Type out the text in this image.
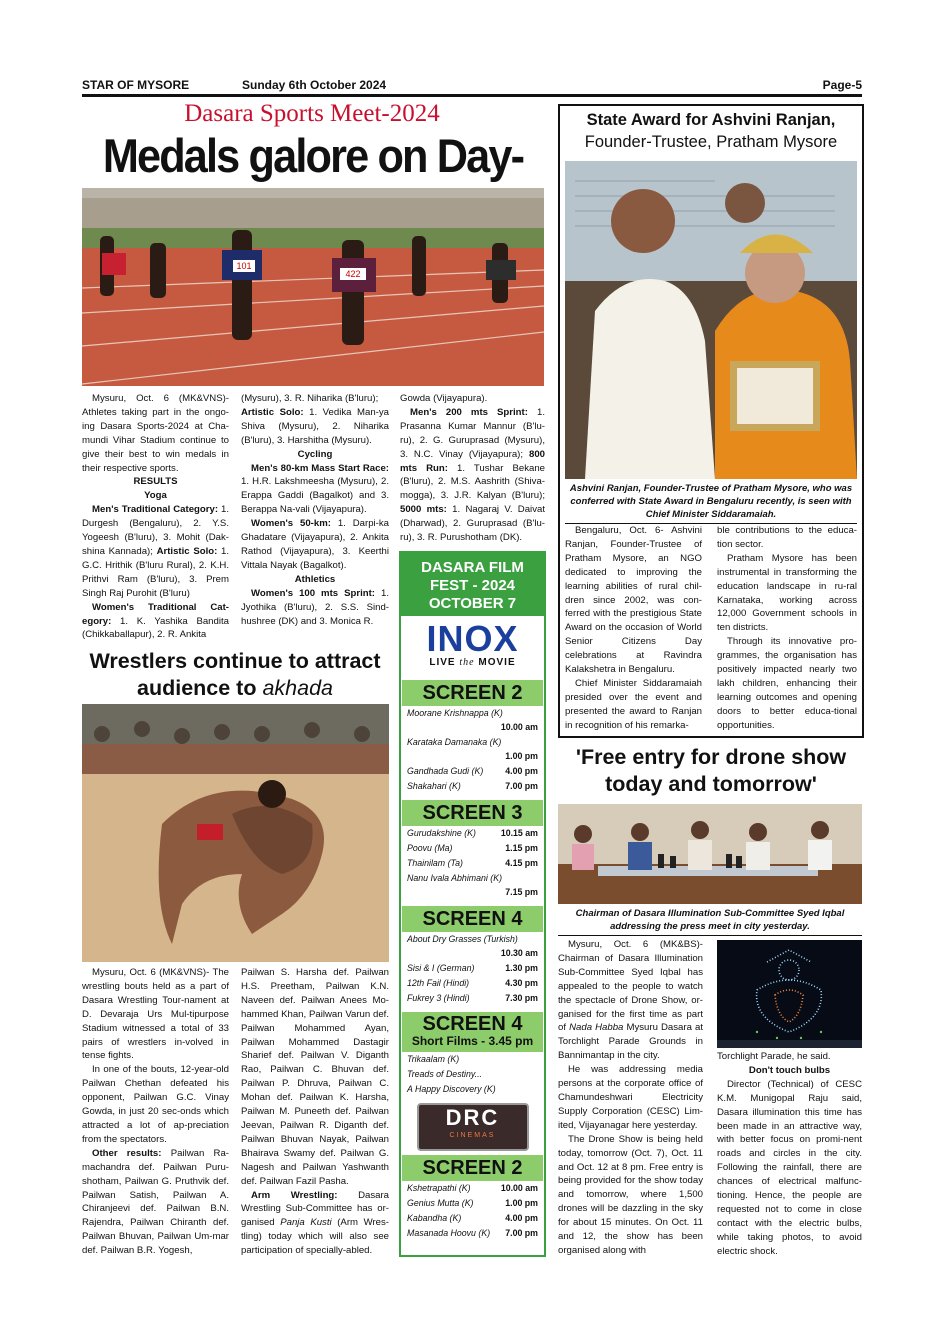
STAR OF MYSORE	Sunday 6th October 2024	Page-5
Dasara Sports Meet-2024
Medals galore on Day-
101
422

Mysuru, Oct. 6 (MK&VNS)- Athletes taking part in the ongo-ing Dasara Sports-2024 at Cha-mundi Vihar Stadium continue to give their best to win medals in their respective sports.

RESULTS

Yoga

Men's Traditional Category: 1. Durgesh (Bengaluru), 2. Y.S. Yogeesh (B'luru), 3. Mohit (Dak-shina Kannada); Artistic Solo: 1. G.C. Hrithik (B'luru Rural), 2. K.H. Prithvi Ram (B'luru), 3. Prem Singh Raj Purohit (B'luru)

Women's Traditional Cat-egory: 1. K. Yashika Bandita (Chikkaballapur), 2. R. Ankita

(Mysuru), 3. R. Niharika (B'luru);

Artistic Solo: 1. Vedika Man-ya Shiva (Mysuru), 2. Niharika (B'luru), 3. Harshitha (Mysuru).

Cycling

Men's 80-km Mass Start Race: 1. H.R. Lakshmeesha (Mysuru), 2. Erappa Gaddi (Bagalkot) and 3. Berappa Na-vali (Vijayapura).

Women's 50-km: 1. Darpi-ka Ghadatare (Vijayapura), 2. Ankita Rathod (Vijayapura), 3. Keerthi Vittala Nayak (Bagalkot).

Athletics

Women's 100 mts Sprint: 1. Jyothika (B'luru), 2. S.S. Sind-hushree (DK) and 3. Monica R.

Gowda (Vijayapura).

Men's 200 mts Sprint: 1. Prasanna Kumar Mannur (B'lu-ru), 2. G. Guruprasad (Mysuru), 3. N.C. Vinay (Vijayapura); 800 mts Run: 1. Tushar Bekane (B'luru), 2. M.S. Aashrith (Shiva-mogga), 3. J.R. Kalyan (B'luru); 5000 mts: 1. Nagaraj V. Daivat (Dharwad), 2. Guruprasad (B'lu-ru), 3. R. Purushotham (DK).

Wrestlers continue to attract
audience to akhada

Mysuru, Oct. 6 (MK&VNS)- The wrestling bouts held as a part of Dasara Wrestling Tour-nament at D. Devaraja Urs Mul-tipurpose Stadium witnessed a total of 33 pairs of wrestlers in-volved in tense fights.

In one of the bouts, 12-year-old Pailwan Chethan defeated his opponent, Pailwan G.C. Vinay Gowda, in just 20 sec-onds which attracted a lot of ap-preciation from the spectators.

Other results: Pailwan Ra-machandra def. Pailwan Puru-shotham, Pailwan G. Pruthvik def. Pailwan Satish, Pailwan A. Chiranjeevi def. Pailwan B.N. Rajendra, Pailwan Chiranth def. Pailwan Bhuvan, Pailwan Um-mar def. Pailwan B.R. Yogesh,

Pailwan S. Harsha def. Pailwan H.S. Preetham, Pailwan K.N. Naveen def. Pailwan Anees Mo-hammed Khan, Pailwan Varun def. Pailwan Mohammed Ayan, Pailwan Mohammed Dastagir Sharief def. Pailwan V. Diganth Rao, Pailwan C. Bhuvan def. Pailwan P. Dhruva, Pailwan C. Mohan def. Pailwan K. Harsha, Pailwan M. Puneeth def. Pailwan Jeevan, Pailwan R. Diganth def. Pailwan Bhuvan Nayak, Pailwan Bhairava Swamy def. Pailwan G. Nagesh and Pailwan Yashwanth def. Pailwan Fazil Pasha.

Arm Wrestling: Dasara Wrestling Sub-Committee has or-ganised Panja Kusti (Arm Wres-tling) today which will also see participation of specially-abled.

DASARA FILM
FEST - 2024
OCTOBER 7
INOX
LIVE the MOVIE
SCREEN 2
Moorane Krishnappa (K)
10.00 am
Karataka Damanaka (K)
1.00 pm
Gandhada Gudi (K) 4.00 pm
Shakahari (K)	7.00 pm
SCREEN 3
Gurudakshine (K)	10.15 am
Poovu (Ma)	1.15 pm
Thainilam (Ta)	4.15 pm
Nanu Ivala Abhimani (K)
7.15 pm
SCREEN 4
About Dry Grasses (Turkish)
10.30 am
Sisi & I (German)	1.30 pm
12th Fail (Hindi)	4.30 pm
Fukrey 3 (Hindi)	7.30 pm
SCREEN 4
Short Films - 3.45 pm
Trikaalam (K)
Treads of Destiny...
A Happy Discovery (K)
DRC
CINEMAS
SCREEN 2
Kshetrapathi (K)	10.00 am
Genius Mutta (K)	1.00 pm
Kabandha (K)	4.00 pm
Masanada Hoovu (K) 7.00 pm
State Award for Ashvini Ranjan,
Founder-Trustee, Pratham Mysore
Ashvini Ranjan, Founder-Trustee of Pratham Mysore, who was conferred with State Award in Bengaluru recently, is seen with Chief Minister Siddaramaiah.

Bengaluru, Oct. 6- Ashvini Ranjan, Founder-Trustee of Pratham Mysore, an NGO dedicated to improving the learning abilities of rural chil-dren since 2002, was con-ferred with the prestigious State Award on the occasion of World Senior Citizens Day celebrations at Ravindra Kalakshetra in Bengaluru.

Chief Minister Siddaramaiah presided over the event and presented the award to Ranjan in recognition of his remarka-

ble contributions to the educa-tion sector.

Pratham Mysore has been instrumental in transforming the education landscape in ru-ral Karnataka, working across 12,000 Government schools in ten districts.

Through its innovative pro-grammes, the organisation has positively impacted nearly two lakh children, enhancing their learning outcomes and opening doors to better educa-tional opportunities.

'Free entry for drone show
today and tomorrow'
Chairman of Dasara Illumination Sub-Committee Syed Iqbal
addressing the press meet in city yesterday.

Mysuru, Oct. 6 (MK&BS)- Chairman of Dasara Illumination Sub-Committee Syed Iqbal has appealed to the people to watch the spectacle of Drone Show, or-ganised for the first time as part of Nada Habba Mysuru Dasara at Torchlight Parade Grounds in Bannimantap in the city.

He was addressing media persons at the corporate office of Chamundeshwari Electricity Supply Corporation (CESC) Lim-ited, Vijayanagar here yesterday.

The Drone Show is being held today, tomorrow (Oct. 7), Oct. 11 and Oct. 12 at 8 pm. Free entry is being provided for the show today and tomorrow, where 1,500 drones will be dazzling in the sky for about 15 minutes. On Oct. 11 and 12, the show has been organised along with

Torchlight Parade, he said.

Don't touch bulbs

Director (Technical) of CESC K.M. Munigopal Raju said, Dasara illumination this time has been made in an attractive way, with better focus on promi-nent roads and circles in the city. Following the rainfall, there are chances of electrical malfunc-tioning. Hence, the people are requested not to come in close contact with the electric bulbs, while taking photos, to avoid electric shock.
